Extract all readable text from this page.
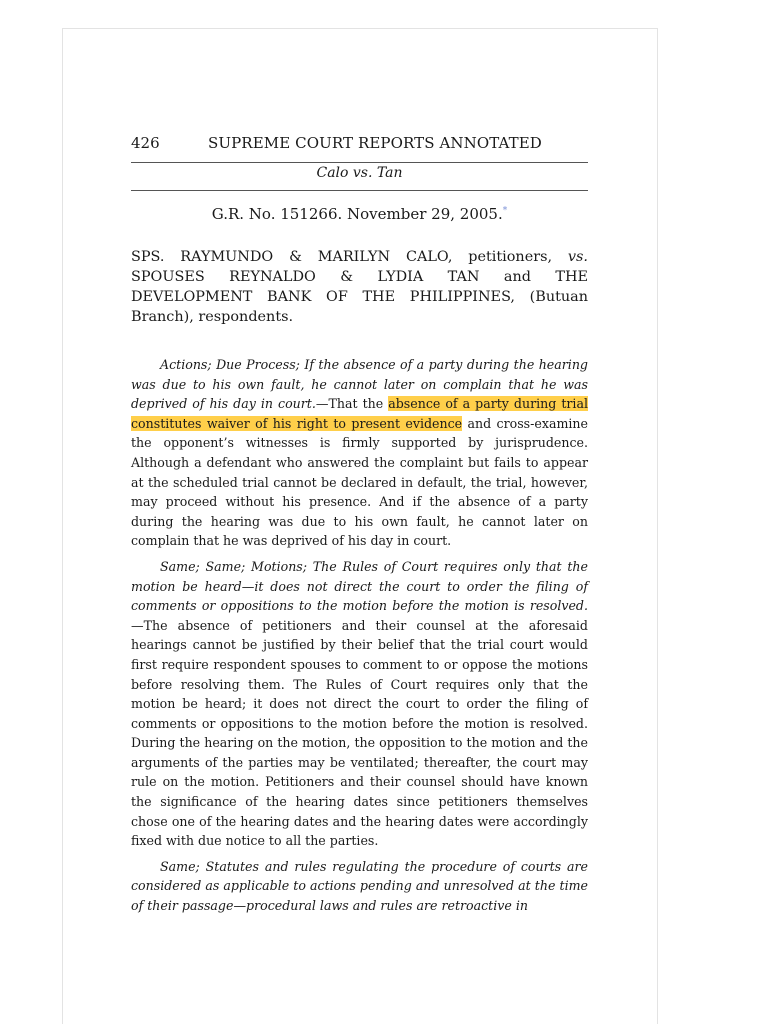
426	SUPREME COURT REPORTS ANNOTATED
Calo vs. Tan
G.R. No. 151266. November 29, 2005.*
SPS. RAYMUNDO & MARILYN CALO, petitioners, vs. SPOUSES REYNALDO & LYDIA TAN and THE DEVELOPMENT BANK OF THE PHILIPPINES, (Butuan Branch), respondents.

Actions; Due Process; If the absence of a party during the hearing was due to his own fault, he cannot later on complain that he was deprived of his day in court.—That the absence of a party during trial constitutes waiver of his right to present evidence and cross-examine the opponent’s witnesses is firmly supported by jurisprudence. Although a defendant who answered the complaint but fails to appear at the scheduled trial cannot be declared in default, the trial, however, may proceed without his presence. And if the absence of a party during the hearing was due to his own fault, he cannot later on complain that he was deprived of his day in court.

Same; Same; Motions; The Rules of Court requires only that the motion be heard—it does not direct the court to order the filing of comments or oppositions to the motion before the motion is resolved.—The absence of petitioners and their counsel at the aforesaid hearings cannot be justified by their belief that the trial court would first require respondent spouses to comment to or oppose the motions before resolving them. The Rules of Court requires only that the motion be heard; it does not direct the court to order the filing of comments or oppositions to the motion before the motion is resolved. During the hearing on the motion, the opposition to the motion and the arguments of the parties may be ventilated; thereafter, the court may rule on the motion. Petitioners and their counsel should have known the significance of the hearing dates since petitioners themselves chose one of the hearing dates and the hearing dates were accordingly fixed with due notice to all the parties.

Same; Statutes and rules regulating the procedure of courts are considered as applicable to actions pending and unresolved at the time of their passage—procedural laws and rules are retroactive in
